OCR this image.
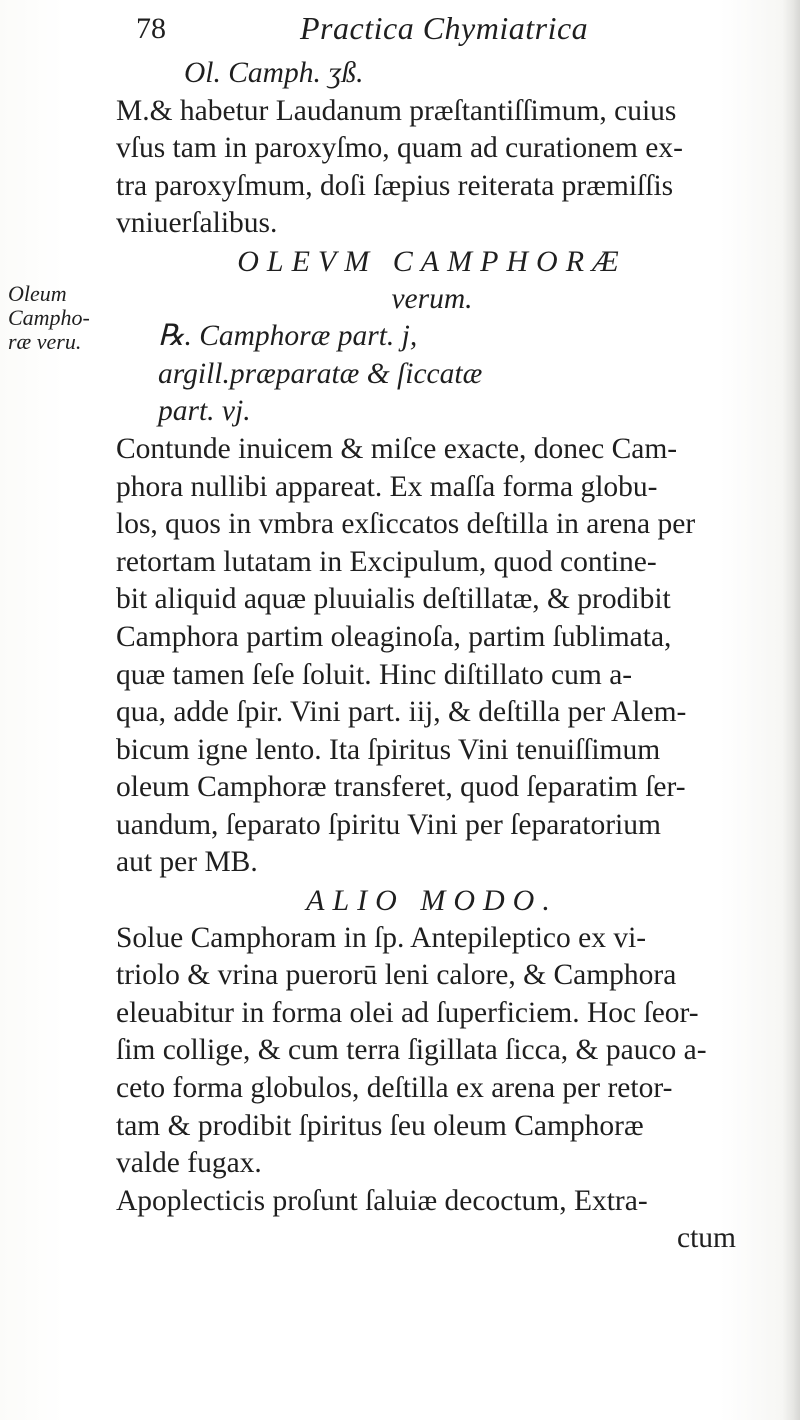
78	Practica Chymiatrica
Oleum
Campho-
ræ veru.
Ol. Camph. ʒß.
M.& habetur Laudanum præſtantiſſimum, cuius
vſus tam in paroxyſmo, quam ad curationem ex-
tra paroxyſmum, doſi ſæpius reiterata præmiſſis
vniuerſalibus.
OLEVM CAMPHORÆ
verum.
℞. Camphoræ part. j,
argill.præparatæ & ſiccatæ
part. vj.
Contunde inuicem & miſce exacte, donec Cam-
phora nullibi appareat. Ex maſſa forma globu-
los, quos in vmbra exſiccatos deſtilla in arena per
retortam lutatam in Excipulum, quod contine-
bit aliquid aquæ pluuialis deſtillatæ, & prodibit
Camphora partim oleaginoſa, partim ſublimata,
quæ tamen ſeſe ſoluit. Hinc diſtillato cum a-
qua, adde ſpir. Vini part. iij, & deſtilla per Alem-
bicum igne lento. Ita ſpiritus Vini tenuiſſimum
oleum Camphoræ transferet, quod ſeparatim ſer-
uandum, ſeparato ſpiritu Vini per ſeparatorium
aut per MB.
ALIO MODO.
Solue Camphoram in ſp. Antepileptico ex vi-
triolo & vrina puerorū leni calore, & Camphora
eleuabitur in forma olei ad ſuperficiem. Hoc ſeor-
ſim collige, & cum terra ſigillata ſicca, & pauco a-
ceto forma globulos, deſtilla ex arena per retor-
tam & prodibit ſpiritus ſeu oleum Camphoræ
valde fugax.
Apoplecticis proſunt ſaluiæ decoctum, Extra-
ctum
